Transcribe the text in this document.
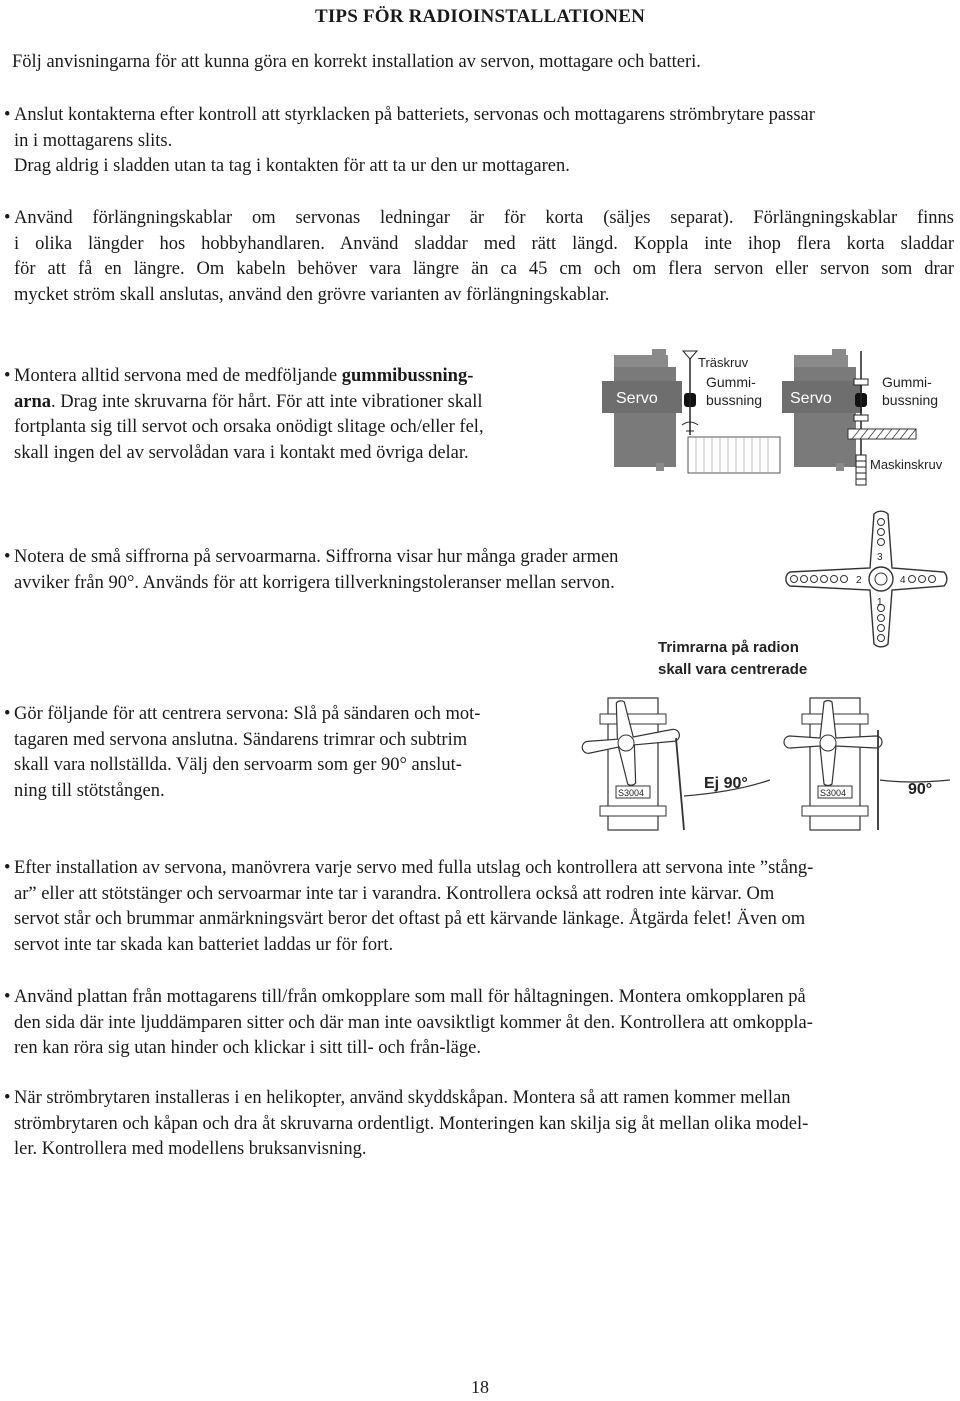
TIPS FÖR RADIOINSTALLATIONEN
Följ anvisningarna för att kunna göra en korrekt installation av servon, mottagare och batteri.
• Anslut kontakterna efter kontroll att styrklacken på batteriets, servonas och mottagarens strömbrytare passar
in i mottagarens slits.
Drag aldrig i sladden utan ta tag i kontakten för att ta ur den ur mottagaren.
• Använd förlängningskablar om servonas ledningar är för korta (säljes separat). Förlängningskablar finns
i olika längder hos hobbyhandlaren. Använd sladdar med rätt längd. Koppla inte ihop flera korta sladdar
för att få en längre. Om kabeln behöver vara längre än ca 45 cm och om flera servon eller servon som drar
mycket ström skall anslutas, använd den grövre varianten av förlängningskablar.
• Montera alltid servona med de medföljande gummibussning-
arna. Drag inte skruvarna för hårt. För att inte vibrationer skall
fortplanta sig till servot och orsaka onödigt slitage och/eller fel,
skall ingen del av servolådan vara i kontakt med övriga delar.
Servo
Träskruv
Gummi-
bussning Servo
Gummi-
bussning
Maskinskruv
• Notera de små siffrorna på servoarmarna. Siffrorna visar hur många grader armen
avviker från 90°. Används för att korrigera tillverkningstoleranser mellan servon.
3
2	4
1
• Gör följande för att centrera servona: Slå på sändaren och mot-
tagaren med servona anslutna. Sändarens trimrar och subtrim
skall vara nollställda. Välj den servoarm som ger 90° anslut-
ning till stötstången.
Trimrarna på radion
skall vara centrerade
S3004
Ej 90°
S3004	90°
• Efter installation av servona, manövrera varje servo med fulla utslag och kontrollera att servona inte ”stång-
ar” eller att stötstänger och servoarmar inte tar i varandra. Kontrollera också att rodren inte kärvar. Om
servot står och brummar anmärkningsvärt beror det oftast på ett kärvande länkage. Åtgärda felet! Även om
servot inte tar skada kan batteriet laddas ur för fort.
• Använd plattan från mottagarens till/från omkopplare som mall för håltagningen. Montera omkopplaren på
den sida där inte ljuddämparen sitter och där man inte oavsiktligt kommer åt den. Kontrollera att omkoppla-
ren kan röra sig utan hinder och klickar i sitt till- och från-läge.
• När strömbrytaren installeras i en helikopter, använd skyddskåpan. Montera så att ramen kommer mellan
strömbrytaren och kåpan och dra åt skruvarna ordentligt. Monteringen kan skilja sig åt mellan olika model-
ler. Kontrollera med modellens bruksanvisning.
18
